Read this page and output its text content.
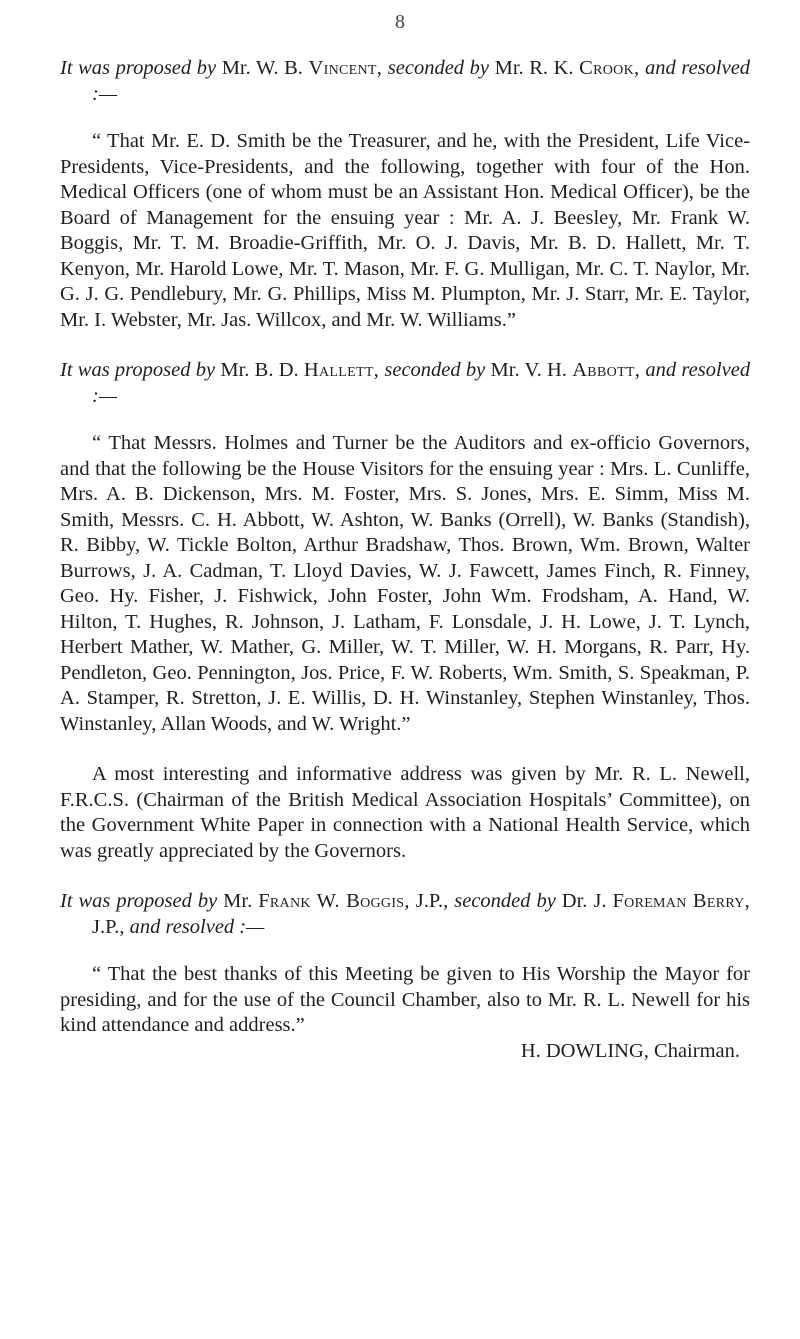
8

It was proposed by Mr. W. B. Vincent, seconded by Mr. R. K. Crook, and resolved :—

“ That Mr. E. D. Smith be the Treasurer, and he, with the President, Life Vice-Presidents, Vice-Presidents, and the following, together with four of the Hon. Medical Officers (one of whom must be an Assistant Hon. Medical Officer), be the Board of Management for the ensuing year : Mr. A. J. Beesley, Mr. Frank W. Boggis, Mr. T. M. Broadie-Griffith, Mr. O. J. Davis, Mr. B. D. Hallett, Mr. T. Kenyon, Mr. Harold Lowe, Mr. T. Mason, Mr. F. G. Mulligan, Mr. C. T. Naylor, Mr. G. J. G. Pendlebury, Mr. G. Phillips, Miss M. Plumpton, Mr. J. Starr, Mr. E. Taylor, Mr. I. Webster, Mr. Jas. Willcox, and Mr. W. Williams.”

It was proposed by Mr. B. D. Hallett, seconded by Mr. V. H. Abbott, and resolved :—

“ That Messrs. Holmes and Turner be the Auditors and ex-officio Governors, and that the following be the House Visitors for the ensuing year : Mrs. L. Cunliffe, Mrs. A. B. Dickenson, Mrs. M. Foster, Mrs. S. Jones, Mrs. E. Simm, Miss M. Smith, Messrs. C. H. Abbott, W. Ashton, W. Banks (Orrell), W. Banks (Standish), R. Bibby, W. Tickle Bolton, Arthur Bradshaw, Thos. Brown, Wm. Brown, Walter Burrows, J. A. Cadman, T. Lloyd Davies, W. J. Fawcett, James Finch, R. Finney, Geo. Hy. Fisher, J. Fishwick, John Foster, John Wm. Frodsham, A. Hand, W. Hilton, T. Hughes, R. Johnson, J. Latham, F. Lonsdale, J. H. Lowe, J. T. Lynch, Herbert Mather, W. Mather, G. Miller, W. T. Miller, W. H. Morgans, R. Parr, Hy. Pendleton, Geo. Pennington, Jos. Price, F. W. Roberts, Wm. Smith, S. Speakman, P. A. Stamper, R. Stretton, J. E. Willis, D. H. Winstanley, Stephen Winstanley, Thos. Winstanley, Allan Woods, and W. Wright.”

A most interesting and informative address was given by Mr. R. L. Newell, F.R.C.S. (Chairman of the British Medical Association Hospitals’ Committee), on the Government White Paper in connection with a National Health Service, which was greatly appreciated by the Governors.

It was proposed by Mr. Frank W. Boggis, J.P., seconded by Dr. J. Foreman Berry, J.P., and resolved :—

“ That the best thanks of this Meeting be given to His Worship the Mayor for presiding, and for the use of the Council Chamber, also to Mr. R. L. Newell for his kind attendance and address.”

H. DOWLING, Chairman.
